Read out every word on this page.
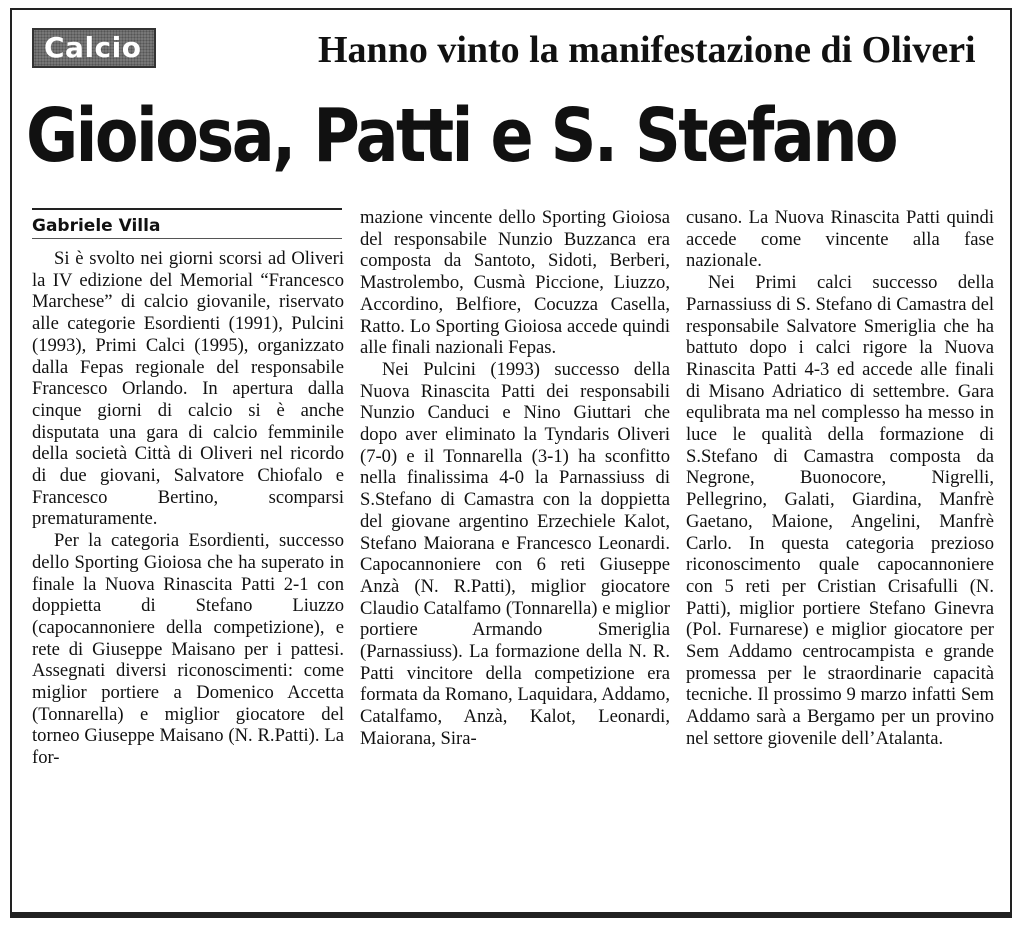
Calcio	Hanno vinto la manifestazione di Oliveri
Gioiosa, Patti e S. Stefano
Gabriele Villa

Si è svolto nei giorni scorsi ad Oliveri la IV edizione del Memorial “Francesco Marchese” di calcio giovanile, riservato alle categorie Esordienti (1991), Pulcini (1993), Primi Calci (1995), organizzato dalla Fepas regionale del responsabile Francesco Orlando. In apertura dalla cinque giorni di calcio si è anche disputata una gara di calcio femminile della società Città di Oliveri nel ricordo di due giovani, Salvatore Chiofalo e Francesco Bertino, scomparsi prematuramente.

Per la categoria Esordienti, successo dello Sporting Gioiosa che ha superato in finale la Nuova Rinascita Patti 2-1 con doppietta di Stefano Liuzzo (capocannoniere della competizione), e rete di Giuseppe Maisano per i pattesi. Assegnati diversi riconoscimenti: come miglior portiere a Domenico Accetta (Tonnarella) e miglior giocatore del torneo Giuseppe Maisano (N. R.Patti). La for-

mazione vincente dello Sporting Gioiosa del responsabile Nunzio Buzzanca era composta da Santoto, Sidoti, Berberi, Mastrolembo, Cusmà Piccione, Liuzzo, Accordino, Belfiore, Cocuzza Casella, Ratto. Lo Sporting Gioiosa accede quindi alle finali nazionali Fepas.

Nei Pulcini (1993) successo della Nuova Rinascita Patti dei responsabili Nunzio Canduci e Nino Giuttari che dopo aver eliminato la Tyndaris Oliveri (7-0) e il Tonnarella (3-1) ha sconfitto nella finalissima 4-0 la Parnassiuss di S.Stefano di Camastra con la doppietta del giovane argentino Erzechiele Kalot, Stefano Maiorana e Francesco Leonardi. Capocannoniere con 6 reti Giuseppe Anzà (N. R.Patti), miglior giocatore Claudio Catalfamo (Tonnarella) e miglior portiere Armando Smeriglia (Parnassiuss). La formazione della N. R. Patti vincitore della competizione era formata da Romano, Laquidara, Addamo, Catalfamo, Anzà, Kalot, Leonardi, Maiorana, Sira-

cusano. La Nuova Rinascita Patti quindi accede come vincente alla fase nazionale.

Nei Primi calci successo della Parnassiuss di S. Stefano di Camastra del responsabile Salvatore Smeriglia che ha battuto dopo i calci rigore la Nuova Rinascita Patti 4-3 ed accede alle finali di Misano Adriatico di settembre. Gara equlibrata ma nel complesso ha messo in luce le qualità della formazione di S.Stefano di Camastra composta da Negrone, Buonocore, Nigrelli, Pellegrino, Galati, Giardina, Manfrè Gaetano, Maione, Angelini, Manfrè Carlo. In questa categoria prezioso riconoscimento quale capocannoniere con 5 reti per Cristian Crisafulli (N. Patti), miglior portiere Stefano Ginevra (Pol. Furnarese) e miglior giocatore per Sem Addamo centrocampista e grande promessa per le straordinarie capacità tecniche. Il prossimo 9 marzo infatti Sem Addamo sarà a Bergamo per un provino nel settore giovenile dell’Atalanta.
